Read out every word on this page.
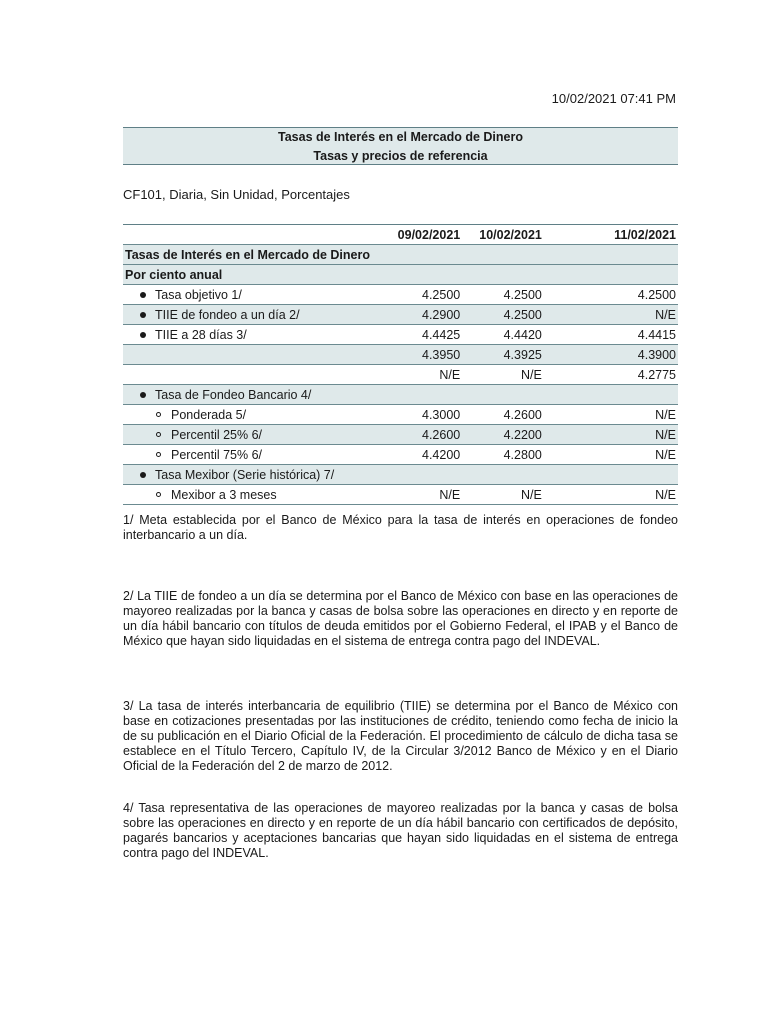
10/02/2021 07:41 PM
Tasas de Interés en el Mercado de Dinero
Tasas y precios de referencia
CF101, Diaria, Sin Unidad, Porcentajes
	09/02/2021	10/02/2021	11/02/2021
Tasas de Interés en el Mercado de Dinero			
Por ciento anual			
Tasa objetivo 1/	4.2500	4.2500	4.2500
TIIE de fondeo a un día 2/	4.2900	4.2500	N/E
TIIE a 28 días 3/	4.4425	4.4420	4.4415
	4.3950	4.3925	4.3900
	N/E	N/E	4.2775
Tasa de Fondeo Bancario 4/			
Ponderada 5/	4.3000	4.2600	N/E
Percentil 25% 6/	4.2600	4.2200	N/E
Percentil 75% 6/	4.4200	4.2800	N/E
Tasa Mexibor (Serie histórica) 7/			
Mexibor a 3 meses	N/E	N/E	N/E
1/ Meta establecida por el Banco de México para la tasa de interés en operaciones de fondeo interbancario a un día.
2/ La TIIE de fondeo a un día se determina por el Banco de México con base en las operaciones de mayoreo realizadas por la banca y casas de bolsa sobre las operaciones en directo y en reporte de un día hábil bancario con títulos de deuda emitidos por el Gobierno Federal, el IPAB y el Banco de México que hayan sido liquidadas en el sistema de entrega contra pago del INDEVAL.
3/ La tasa de interés interbancaria de equilibrio (TIIE) se determina por el Banco de México con base en cotizaciones presentadas por las instituciones de crédito, teniendo como fecha de inicio la de su publicación en el Diario Oficial de la Federación. El procedimiento de cálculo de dicha tasa se establece en el Título Tercero, Capítulo IV, de la Circular 3/2012 Banco de México y en el Diario Oficial de la Federación del 2 de marzo de 2012.
4/ Tasa representativa de las operaciones de mayoreo realizadas por la banca y casas de bolsa sobre las operaciones en directo y en reporte de un día hábil bancario con certificados de depósito, pagarés bancarios y aceptaciones bancarias que hayan sido liquidadas en el sistema de entrega contra pago del INDEVAL.
